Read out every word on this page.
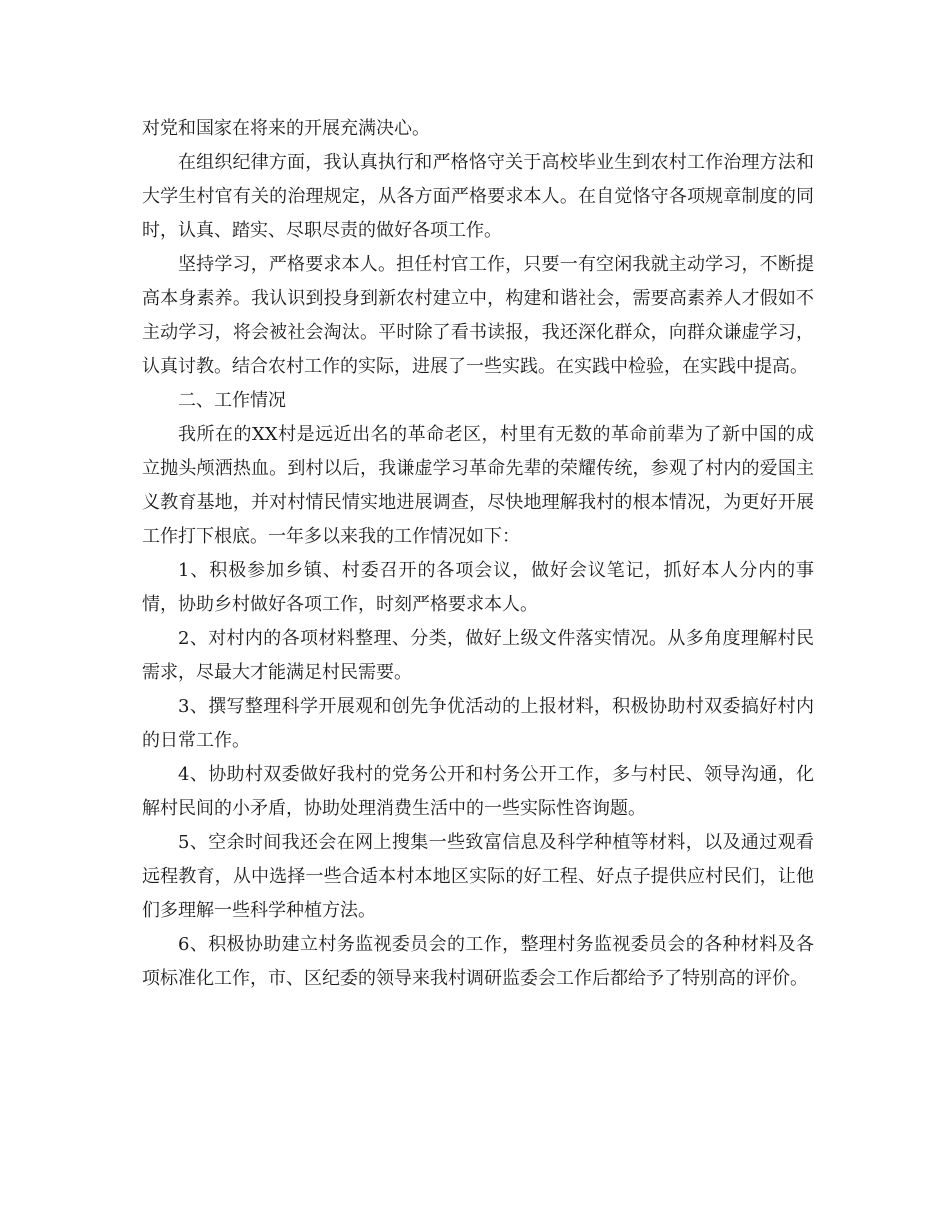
对党和国家在将来的开展充满决心。

在组织纪律方面，我认真执行和严格恪守关于高校毕业生到农村工作治理方法和大学生村官有关的治理规定，从各方面严格要求本人。在自觉恪守各项规章制度的同时，认真、踏实、尽职尽责的做好各项工作。

坚持学习，严格要求本人。担任村官工作，只要一有空闲我就主动学习，不断提高本身素养。我认识到投身到新农村建立中，构建和谐社会，需要高素养人才假如不主动学习，将会被社会淘汰。平时除了看书读报，我还深化群众，向群众谦虚学习，认真讨教。结合农村工作的实际，进展了一些实践。在实践中检验，在实践中提高。

二、工作情况

我所在的XX村是远近出名的革命老区，村里有无数的革命前辈为了新中国的成立抛头颅洒热血。到村以后，我谦虚学习革命先辈的荣耀传统，参观了村内的爱国主义教育基地，并对村情民情实地进展调查，尽快地理解我村的根本情况，为更好开展工作打下根底。一年多以来我的工作情况如下：

1、积极参加乡镇、村委召开的各项会议，做好会议笔记，抓好本人分内的事情，协助乡村做好各项工作，时刻严格要求本人。

2、对村内的各项材料整理、分类，做好上级文件落实情况。从多角度理解村民需求，尽最大才能满足村民需要。

3、撰写整理科学开展观和创先争优活动的上报材料，积极协助村双委搞好村内的日常工作。

4、协助村双委做好我村的党务公开和村务公开工作，多与村民、领导沟通，化解村民间的小矛盾，协助处理消费生活中的一些实际性咨询题。

5、空余时间我还会在网上搜集一些致富信息及科学种植等材料，以及通过观看远程教育，从中选择一些合适本村本地区实际的好工程、好点子提供应村民们，让他们多理解一些科学种植方法。

6、积极协助建立村务监视委员会的工作，整理村务监视委员会的各种材料及各项标准化工作，市、区纪委的领导来我村调研监委会工作后都给予了特别高的评价。
